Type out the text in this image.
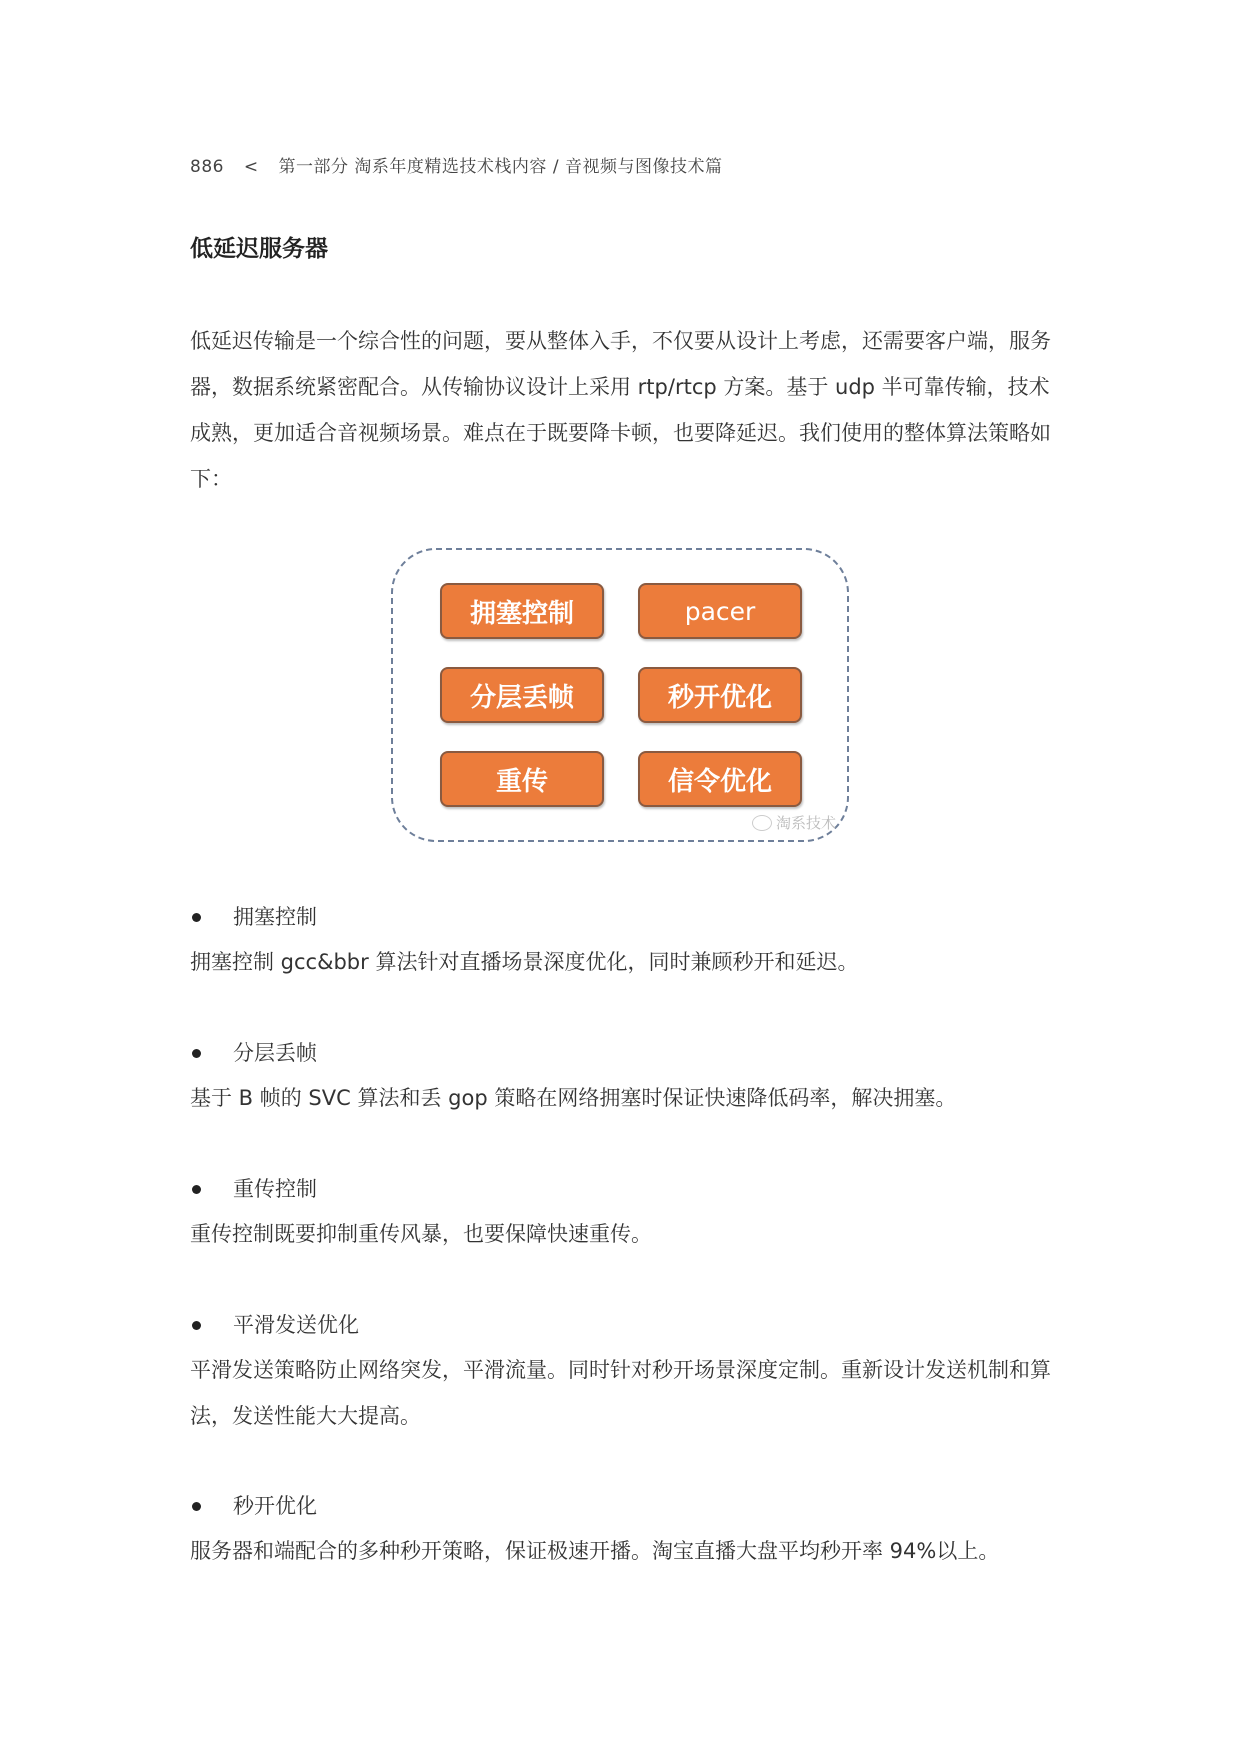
886 < 第一部分 淘系年度精选技术栈内容 / 音视频与图像技术篇
低延迟服务器

低延迟传输是一个综合性的问题，要从整体入手，不仅要从设计上考虑，还需要客户端，服务器，数据系统紧密配合。从传输协议设计上采用 rtp/rtcp 方案。基于 udp 半可靠传输，技术成熟，更加适合音视频场景。难点在于既要降卡顿，也要降延迟。我们使用的整体算法策略如下：

拥塞控制	pacer
分层丢帧	秒开优化
重传	信令优化
淘系技术
拥塞控制

拥塞控制 gcc&bbr 算法针对直播场景深度优化，同时兼顾秒开和延迟。

分层丢帧

基于 B 帧的 SVC 算法和丢 gop 策略在网络拥塞时保证快速降低码率，解决拥塞。

重传控制

重传控制既要抑制重传风暴，也要保障快速重传。

平滑发送优化

平滑发送策略防止网络突发，平滑流量。同时针对秒开场景深度定制。重新设计发送机制和算法，发送性能大大提高。

秒开优化

服务器和端配合的多种秒开策略，保证极速开播。淘宝直播大盘平均秒开率 94%以上。
